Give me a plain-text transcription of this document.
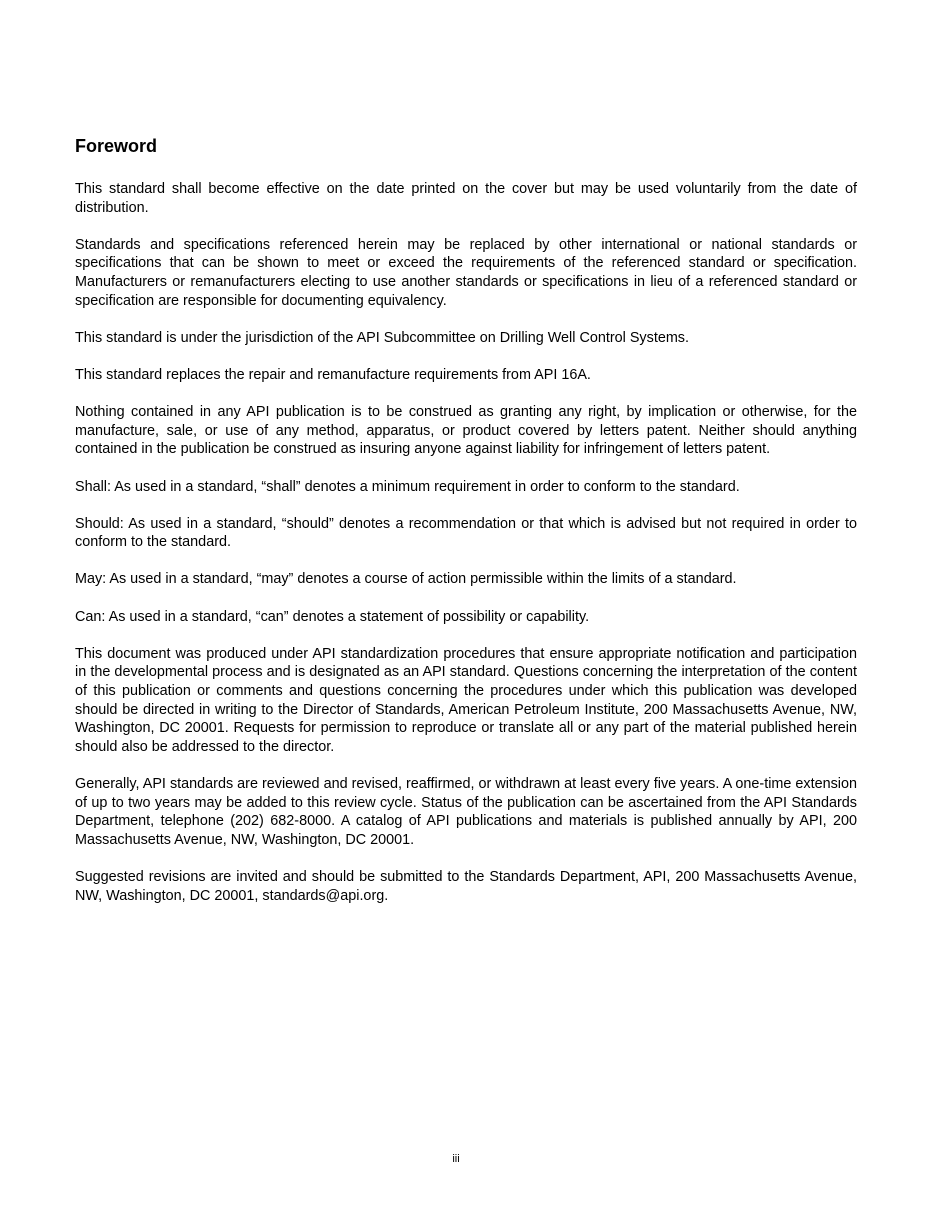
Foreword

This standard shall become effective on the date printed on the cover but may be used voluntarily from the date of distribution.

Standards and specifications referenced herein may be replaced by other international or national standards or specifications that can be shown to meet or exceed the requirements of the referenced standard or specification. Manufacturers or remanufacturers electing to use another standards or specifications in lieu of a referenced standard or specification are responsible for documenting equivalency.

This standard is under the jurisdiction of the API Subcommittee on Drilling Well Control Systems.

This standard replaces the repair and remanufacture requirements from API 16A.

Nothing contained in any API publication is to be construed as granting any right, by implication or otherwise, for the manufacture, sale, or use of any method, apparatus, or product covered by letters patent. Neither should anything contained in the publication be construed as insuring anyone against liability for infringement of letters patent.

Shall: As used in a standard, “shall” denotes a minimum requirement in order to conform to the standard.

Should: As used in a standard, “should” denotes a recommendation or that which is advised but not required in order to conform to the standard.

May: As used in a standard, “may” denotes a course of action permissible within the limits of a standard.

Can: As used in a standard, “can” denotes a statement of possibility or capability.

This document was produced under API standardization procedures that ensure appropriate notification and participation in the developmental process and is designated as an API standard. Questions concerning the interpretation of the content of this publication or comments and questions concerning the procedures under which this publication was developed should be directed in writing to the Director of Standards, American Petroleum Institute, 200 Massachusetts Avenue, NW, Washington, DC 20001. Requests for permission to reproduce or translate all or any part of the material published herein should also be addressed to the director.

Generally, API standards are reviewed and revised, reaffirmed, or withdrawn at least every five years. A one-time extension of up to two years may be added to this review cycle. Status of the publication can be ascertained from the API Standards Department, telephone (202) 682-8000. A catalog of API publications and materials is published annually by API, 200 Massachusetts Avenue, NW, Washington, DC 20001.

Suggested revisions are invited and should be submitted to the Standards Department, API, 200 Massachusetts Avenue, NW, Washington, DC 20001, standards@api.org.

iii
